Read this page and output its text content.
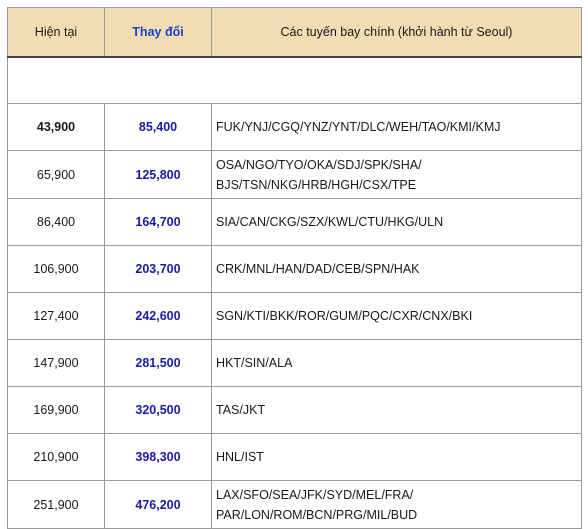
Hiện tại	Thay đổi	Các tuyến bay chính (khởi hành từ Seoul)

43,900	85,400	FUK/YNJ/CGQ/YNZ/YNT/DLC/WEH/TAO/KMI/KMJ

65,900	125,800	OSA/NGO/TYO/OKA/SDJ/SPK/SHA/
BJS/TSN/NKG/HRB/HGH/CSX/TPE

86,400	164,700	SIA/CAN/CKG/SZX/KWL/CTU/HKG/ULN

106,900	203,700	CRK/MNL/HAN/DAD/CEB/SPN/HAK

127,400	242,600	SGN/KTI/BKK/ROR/GUM/PQC/CXR/CNX/BKI

147,900	281,500	HKT/SIN/ALA

169,900	320,500	TAS/JKT

210,900	398,300	HNL/IST

251,900	476,200	LAX/SFO/SEA/JFK/SYD/MEL/FRA/
PAR/LON/ROM/BCN/PRG/MIL/BUD
